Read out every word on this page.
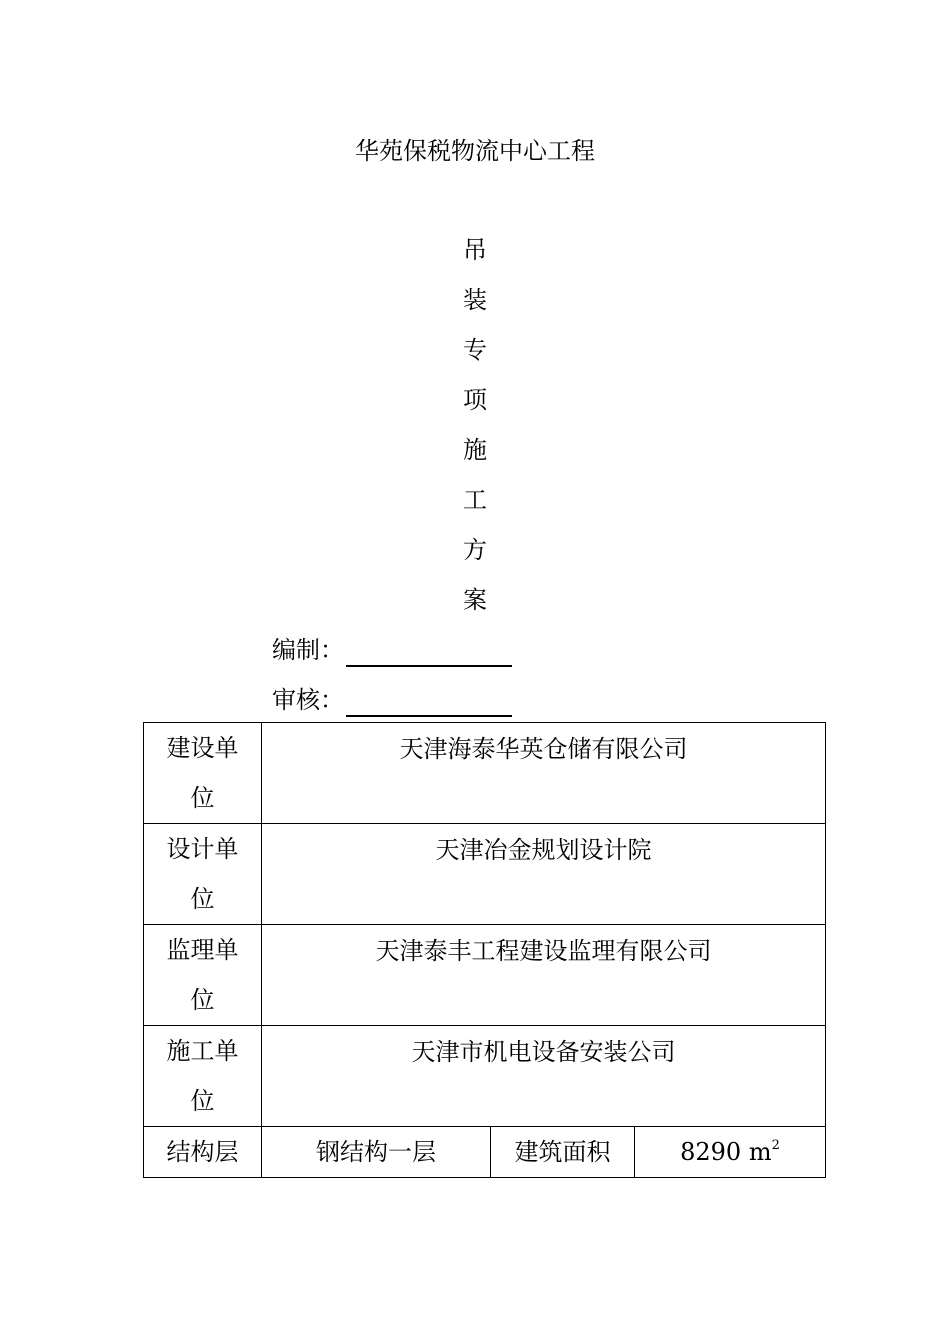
华苑保税物流中心工程
吊
装
专
项
施
工
方
案
编制：
审核：
建设单
位	天津海泰华英仓储有限公司		

设计单
位	天津冶金规划设计院		

监理单
位	天津泰丰工程建设监理有限公司		

施工单
位	天津市机电设备安装公司		
结构层	钢结构一层	建筑面积	8290 $m^2$
